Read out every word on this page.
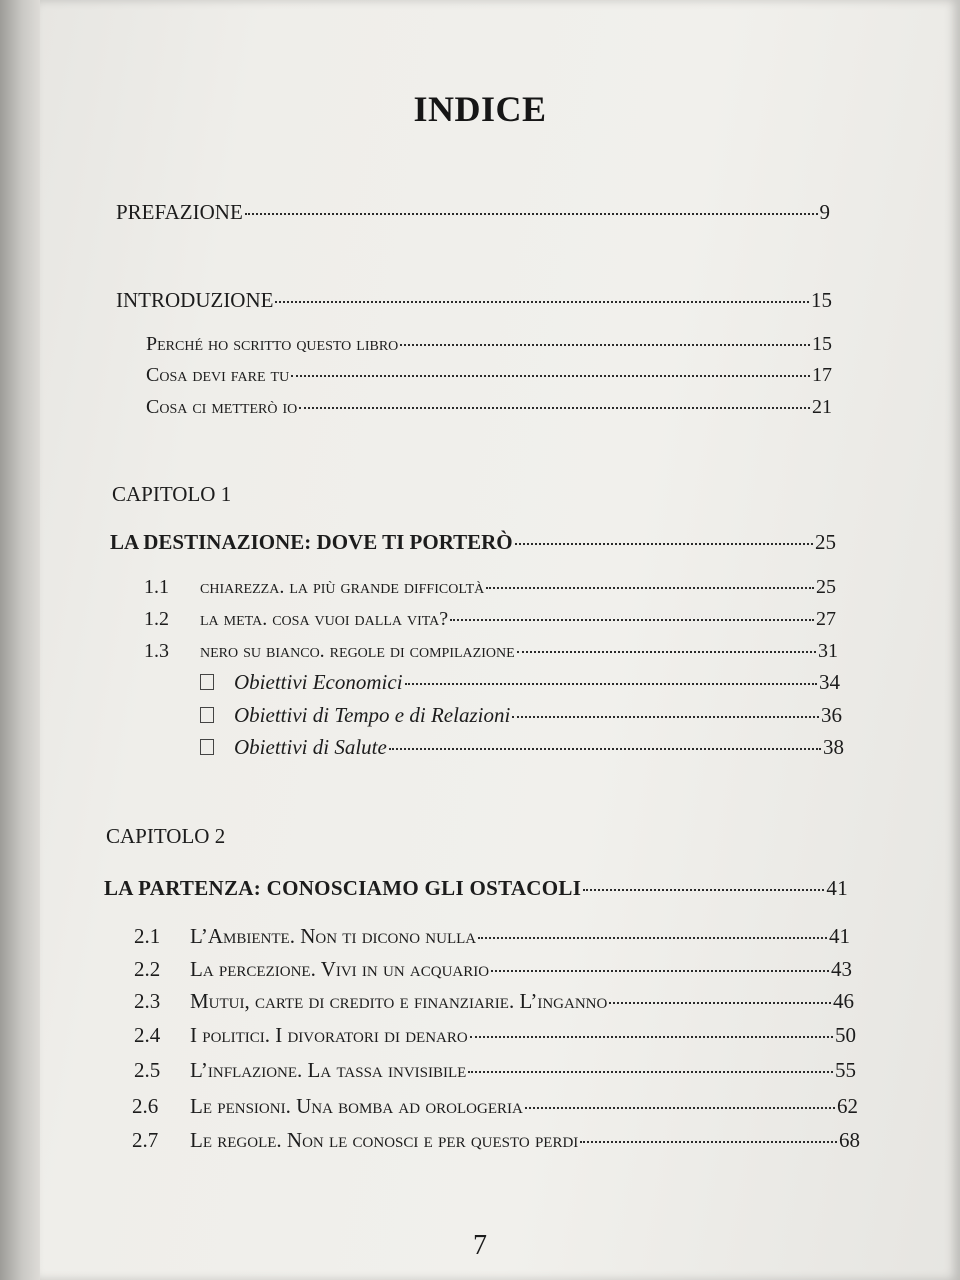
INDICE
PREFAZIONE	9
INTRODUZIONE	15
Perché ho scritto questo libro	15
Cosa devi fare tu	17
Cosa ci metterò io	21
CAPITOLO 1
LA DESTINAZIONE: DOVE TI PORTERÒ	25
1.1	chiarezza. la più grande difficoltà	25
1.2	la meta. cosa vuoi dalla vita?	27
1.3	nero su bianco. regole di compilazione	31
Obiettivi Economici	34
Obiettivi di Tempo e di Relazioni	36
Obiettivi di Salute	38
CAPITOLO 2
LA PARTENZA: CONOSCIAMO GLI OSTACOLI	41
2.1	L’Ambiente. Non ti dicono nulla	41
2.2	La percezione. Vivi in un acquario	43
2.3	Mutui, carte di credito e finanziarie. L’inganno	46
2.4	I politici. I divoratori di denaro	50
2.5	L’inflazione. La tassa invisibile	55
2.6	Le pensioni. Una bomba ad orologeria	62
2.7	Le regole. Non le conosci e per questo perdi	68
7
